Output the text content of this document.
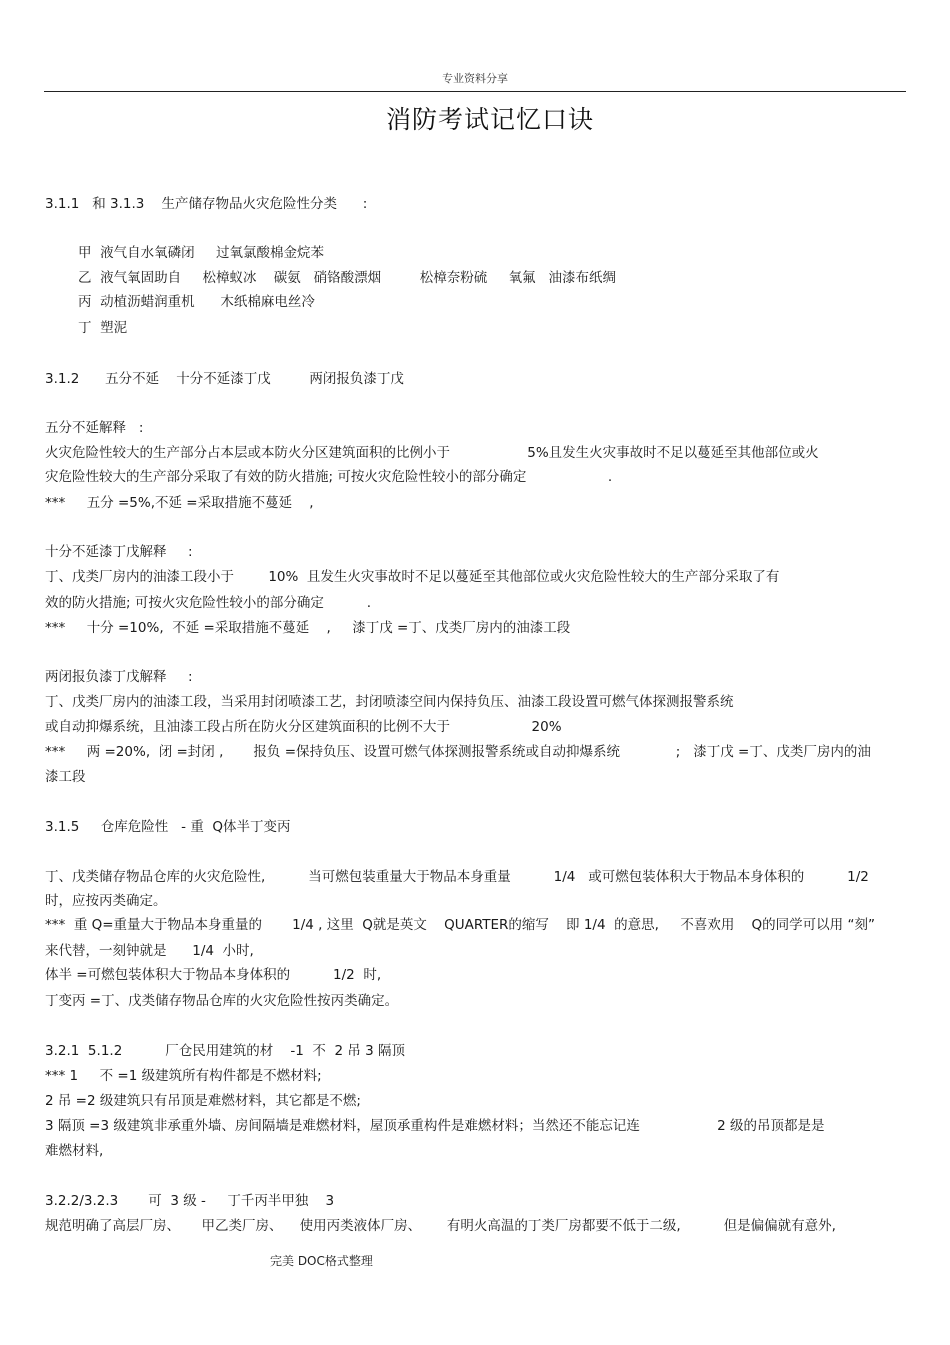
专业资料分享
消防考试记忆口诀
3.1.1   和 3.1.3    生产储存物品火灾危险性分类      :
甲  液气自水氧磷闭     过氧氯酸棉金烷苯
乙  液气氧固助自     松樟蚁冰    碳氨   硝铬酸漂烟         松樟奈粉硫     氧氟   油漆布纸绸
丙  动植沥蜡润重机      木纸棉麻电丝冷
丁  塑泥
3.1.2      五分不延    十分不延漆丁戊         两闭报负漆丁戊
五分不延解释   :
火灾危险性较大的生产部分占本层或本防火分区建筑面积的比例小于                  5%且发生火灾事故时不足以蔓延至其他部位或火
灾危险性较大的生产部分采取了有效的防火措施; 可按火灾危险性较小的部分确定                   .
***     五分 =5%,不延 =采取措施不蔓延    ,
十分不延漆丁戊解释     :
丁、戊类厂房内的油漆工段小于        10%  且发生火灾事故时不足以蔓延至其他部位或火灾危险性较大的生产部分采取了有
效的防火措施; 可按火灾危险性较小的部分确定          .
***     十分 =10%,  不延 =采取措施不蔓延    ,     漆丁戊 =丁、戊类厂房内的油漆工段
两闭报负漆丁戊解释     :
丁、戊类厂房内的油漆工段，当采用封闭喷漆工艺，封闭喷漆空间内保持负压、油漆工段设置可燃气体探测报警系统
或自动抑爆系统，且油漆工段占所在防火分区建筑面积的比例不大于                   20%
***     两 =20%,  闭 =封闭 ,       报负 =保持负压、设置可燃气体探测报警系统或自动抑爆系统             ;   漆丁戊 =丁、戊类厂房内的油
漆工段
3.1.5     仓库危险性   - 重  Q体半丁变丙
丁、戊类储存物品仓库的火灾危险性,          当可燃包装重量大于物品本身重量          1/4   或可燃包装体积大于物品本身体积的          1/2
时，应按丙类确定。
***  重 Q=重量大于物品本身重量的       1/4 , 这里  Q就是英文    QUARTER的缩写    即 1/4  的意思,     不喜欢用    Q的同学可以用 “刻”
来代替，一刻钟就是      1/4  小时,
体半 =可燃包装体积大于物品本身体积的          1/2  时,
丁变丙 =丁、戊类储存物品仓库的火灾危险性按丙类确定。
3.2.1  5.1.2          厂仓民用建筑的材    -1  不  2 吊 3 隔顶
*** 1     不 =1 级建筑所有构件都是不燃材料;
2 吊 =2 级建筑只有吊顶是难燃材料，其它都是不燃;
3 隔顶 =3 级建筑非承重外墙、房间隔墙是难燃材料，屋顶承重构件是难燃材料；当然还不能忘记连                  2 级的吊顶都是是
难燃材料,
3.2.2/3.2.3       可  3 级 -     丁千丙半甲独    3
规范明确了高层厂房、     甲乙类厂房、    使用丙类液体厂房、      有明火高温的丁类厂房都要不低于二级,          但是偏偏就有意外,
完美 DOC格式整理
